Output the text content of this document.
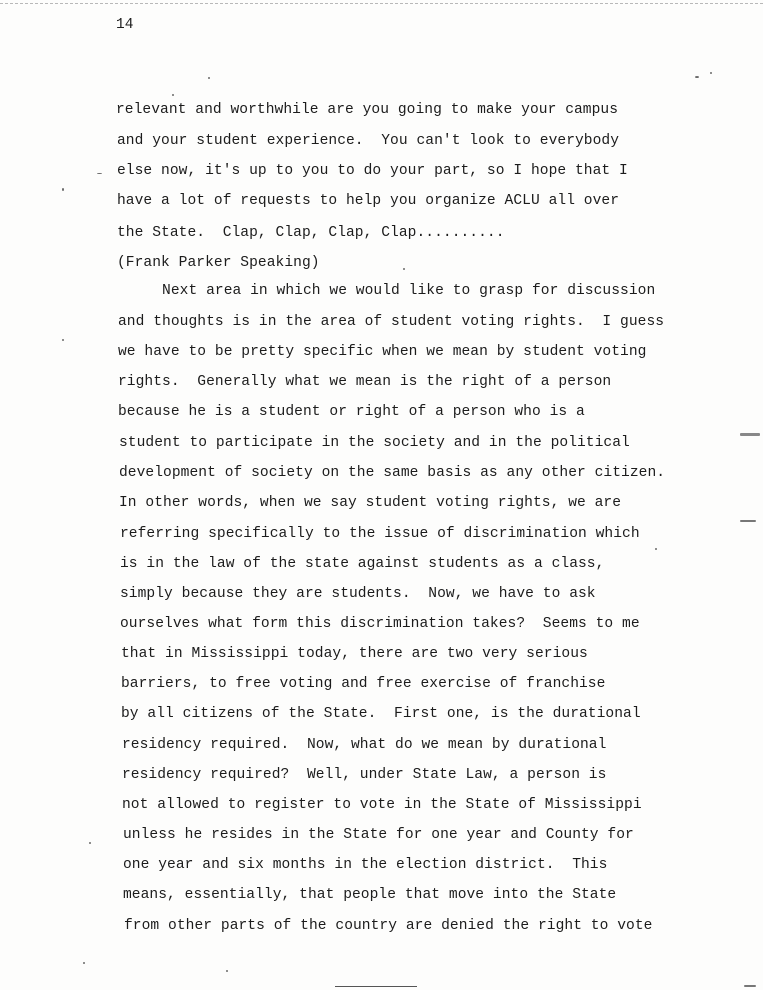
14
relevant and worthwhile are you going to make your campus
and your student experience.  You can't look to everybody
else now, it's up to you to do your part, so I hope that I
have a lot of requests to help you organize ACLU all over
the State.  Clap, Clap, Clap, Clap..........
(Frank Parker Speaking)
Next area in which we would like to grasp for discussion
and thoughts is in the area of student voting rights.  I guess
we have to be pretty specific when we mean by student voting
rights.  Generally what we mean is the right of a person
because he is a student or right of a person who is a
student to participate in the society and in the political
development of society on the same basis as any other citizen.
In other words, when we say student voting rights, we are
referring specifically to the issue of discrimination which
is in the law of the state against students as a class,
simply because they are students.  Now, we have to ask
ourselves what form this discrimination takes?  Seems to me
that in Mississippi today, there are two very serious
barriers, to free voting and free exercise of franchise
by all citizens of the State.  First one, is the durational
residency required.  Now, what do we mean by durational
residency required?  Well, under State Law, a person is
not allowed to register to vote in the State of Mississippi
unless he resides in the State for one year and County for
one year and six months in the election district.  This
means, essentially, that people that move into the State
from other parts of the country are denied the right to vote
